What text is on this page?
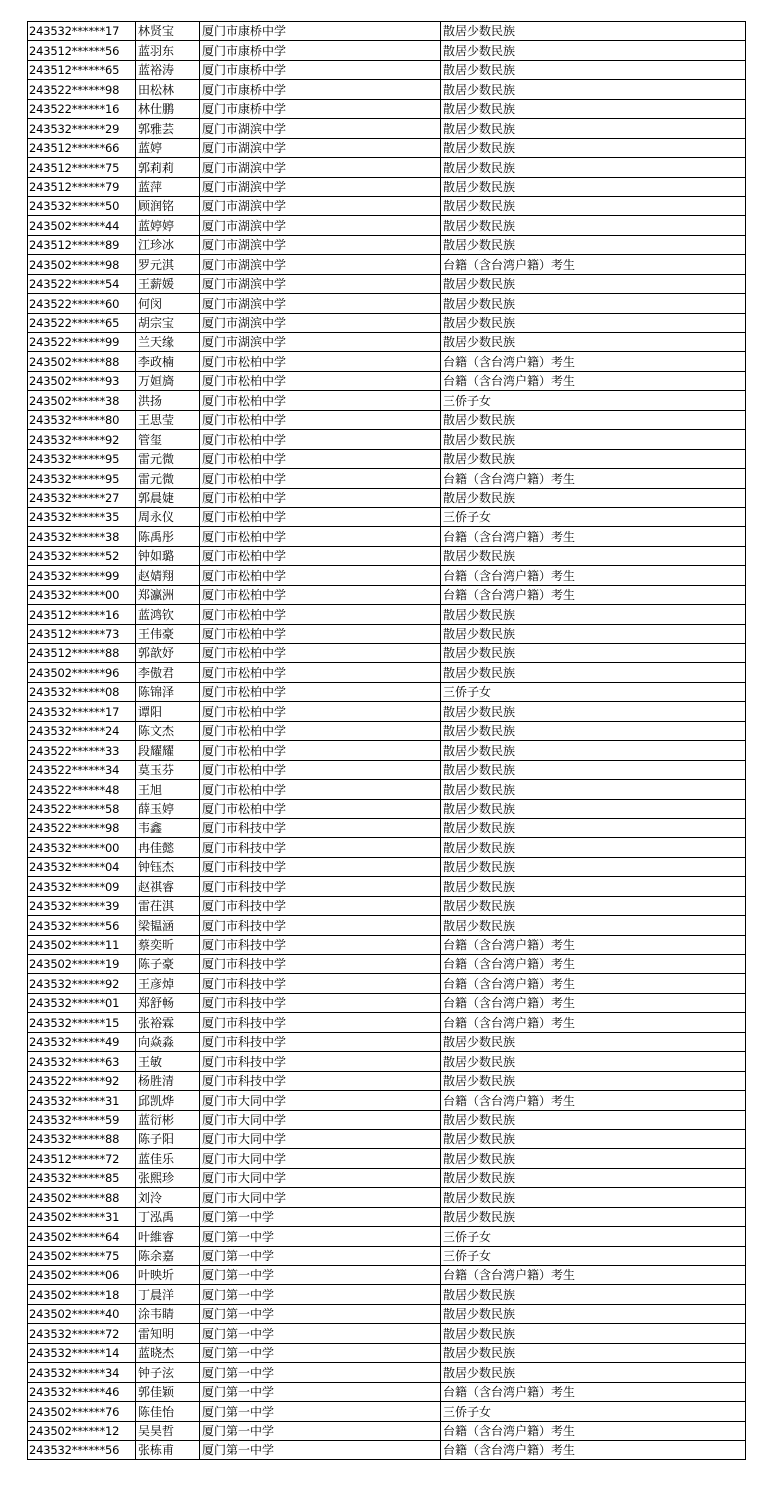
243532******17	林贤宝	厦门市康桥中学	散居少数民族
243512******56	蓝羽东	厦门市康桥中学	散居少数民族
243512******65	蓝裕涛	厦门市康桥中学	散居少数民族
243522******98	田松林	厦门市康桥中学	散居少数民族
243522******16	林仕鹏	厦门市康桥中学	散居少数民族
243532******29	郭雅芸	厦门市湖滨中学	散居少数民族
243512******66	蓝婷	厦门市湖滨中学	散居少数民族
243512******75	郭莉莉	厦门市湖滨中学	散居少数民族
243512******79	蓝萍	厦门市湖滨中学	散居少数民族
243532******50	顾润铭	厦门市湖滨中学	散居少数民族
243502******44	蓝婷婷	厦门市湖滨中学	散居少数民族
243512******89	江珍冰	厦门市湖滨中学	散居少数民族
243502******98	罗元淇	厦门市湖滨中学	台籍（含台湾户籍）考生
243522******54	王薪媛	厦门市湖滨中学	散居少数民族
243522******60	何闵	厦门市湖滨中学	散居少数民族
243522******65	胡宗宝	厦门市湖滨中学	散居少数民族
243522******99	兰天缘	厦门市湖滨中学	散居少数民族
243502******88	李政楠	厦门市松柏中学	台籍（含台湾户籍）考生
243502******93	万姮旖	厦门市松柏中学	台籍（含台湾户籍）考生
243502******38	洪扬	厦门市松柏中学	三侨子女
243532******80	王思莹	厦门市松柏中学	散居少数民族
243532******92	管玺	厦门市松柏中学	散居少数民族
243532******95	雷元微	厦门市松柏中学	散居少数民族
243532******95	雷元微	厦门市松柏中学	台籍（含台湾户籍）考生
243532******27	郭晨婕	厦门市松柏中学	散居少数民族
243532******35	周永仪	厦门市松柏中学	三侨子女
243532******38	陈禹彤	厦门市松柏中学	台籍（含台湾户籍）考生
243532******52	钟如璐	厦门市松柏中学	散居少数民族
243532******99	赵婧翔	厦门市松柏中学	台籍（含台湾户籍）考生
243532******00	郑瀛洲	厦门市松柏中学	台籍（含台湾户籍）考生
243512******16	蓝鸿钦	厦门市松柏中学	散居少数民族
243512******73	王伟豪	厦门市松柏中学	散居少数民族
243512******88	郭歆妤	厦门市松柏中学	散居少数民族
243502******96	李傲君	厦门市松柏中学	散居少数民族
243532******08	陈锦泽	厦门市松柏中学	三侨子女
243532******17	谭阳	厦门市松柏中学	散居少数民族
243532******24	陈文杰	厦门市松柏中学	散居少数民族
243522******33	段耀耀	厦门市松柏中学	散居少数民族
243522******34	莫玉芬	厦门市松柏中学	散居少数民族
243522******48	王旭	厦门市松柏中学	散居少数民族
243522******58	薛玉婷	厦门市松柏中学	散居少数民族
243522******98	韦鑫	厦门市科技中学	散居少数民族
243532******00	冉佳懿	厦门市科技中学	散居少数民族
243532******04	钟钰杰	厦门市科技中学	散居少数民族
243532******09	赵祺睿	厦门市科技中学	散居少数民族
243532******39	雷茌淇	厦门市科技中学	散居少数民族
243532******56	梁韫涵	厦门市科技中学	散居少数民族
243502******11	蔡奕昕	厦门市科技中学	台籍（含台湾户籍）考生
243502******19	陈子豪	厦门市科技中学	台籍（含台湾户籍）考生
243532******92	王彦焯	厦门市科技中学	台籍（含台湾户籍）考生
243532******01	郑舒畅	厦门市科技中学	台籍（含台湾户籍）考生
243532******15	张裕霖	厦门市科技中学	台籍（含台湾户籍）考生
243532******49	向焱淼	厦门市科技中学	散居少数民族
243532******63	王敏	厦门市科技中学	散居少数民族
243522******92	杨胜清	厦门市科技中学	散居少数民族
243532******31	邱凯烨	厦门市大同中学	台籍（含台湾户籍）考生
243532******59	蓝衍彬	厦门市大同中学	散居少数民族
243532******88	陈子阳	厦门市大同中学	散居少数民族
243512******72	蓝佳乐	厦门市大同中学	散居少数民族
243532******85	张熙珍	厦门市大同中学	散居少数民族
243502******88	刘泠	厦门市大同中学	散居少数民族
243502******31	丁泓禹	厦门第一中学	散居少数民族
243502******64	叶維睿	厦门第一中学	三侨子女
243502******75	陈余嘉	厦门第一中学	三侨子女
243502******06	叶映圻	厦门第一中学	台籍（含台湾户籍）考生
243502******18	丁晨洋	厦门第一中学	散居少数民族
243502******40	涂韦睛	厦门第一中学	散居少数民族
243532******72	雷知明	厦门第一中学	散居少数民族
243532******14	蓝晓杰	厦门第一中学	散居少数民族
243532******34	钟子泫	厦门第一中学	散居少数民族
243532******46	郭佳颖	厦门第一中学	台籍（含台湾户籍）考生
243502******76	陈佳怡	厦门第一中学	三侨子女
243502******12	吴昊哲	厦门第一中学	台籍（含台湾户籍）考生
243532******56	张栋甫	厦门第一中学	台籍（含台湾户籍）考生
